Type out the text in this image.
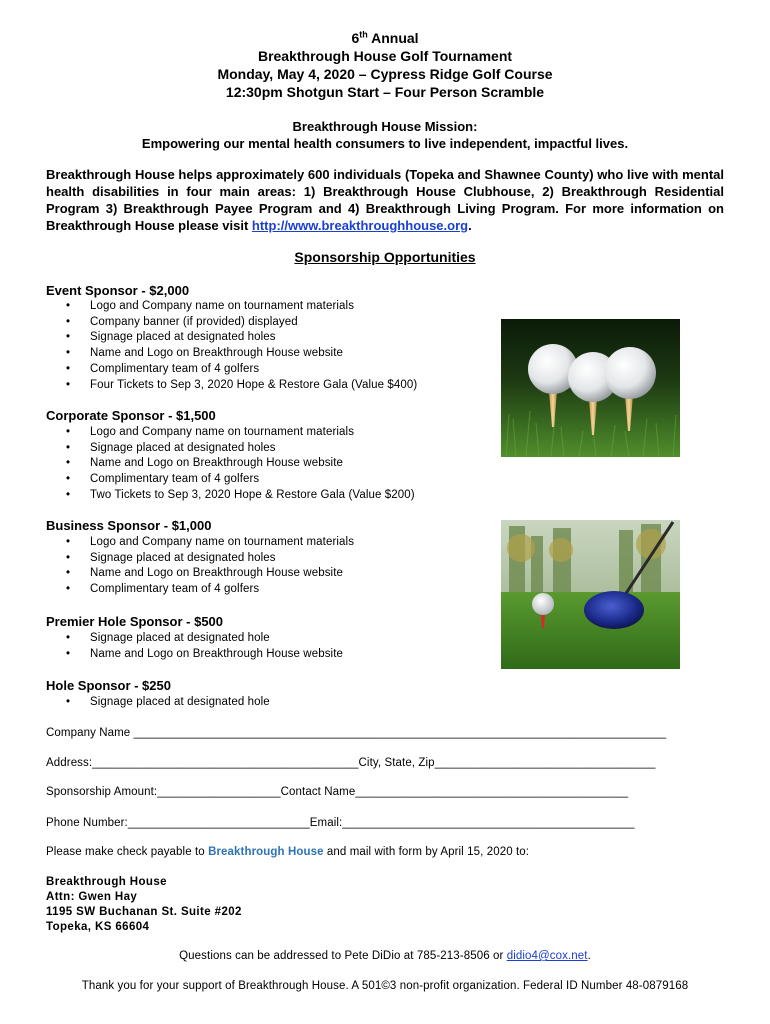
6th Annual
Breakthrough House Golf Tournament
Monday, May 4, 2020 – Cypress Ridge Golf Course
12:30pm Shotgun Start – Four Person Scramble
Breakthrough House Mission:
Empowering our mental health consumers to live independent, impactful lives.
Breakthrough House helps approximately 600 individuals (Topeka and Shawnee County) who live with mental health disabilities in four main areas: 1) Breakthrough House Clubhouse, 2) Breakthrough Residential Program 3) Breakthrough Payee Program and 4) Breakthrough Living Program. For more information on Breakthrough House please visit http://www.breakthroughhouse.org.
Sponsorship Opportunities
Event Sponsor - $2,000
• Logo and Company name on tournament materials
• Company banner (if provided) displayed
• Signage placed at designated holes
• Name and Logo on Breakthrough House website
• Complimentary team of 4 golfers
• Four Tickets to Sep 3, 2020 Hope & Restore Gala (Value $400)
Corporate Sponsor - $1,500
• Logo and Company name on tournament materials
• Signage placed at designated holes
• Name and Logo on Breakthrough House website
• Complimentary team of 4 golfers
• Two Tickets to Sep 3, 2020 Hope & Restore Gala (Value $200)
Business Sponsor - $1,000
• Logo and Company name on tournament materials
• Signage placed at designated holes
• Name and Logo on Breakthrough House website
• Complimentary team of 4 golfers
Premier Hole Sponsor - $500
• Signage placed at designated hole
• Name and Logo on Breakthrough House website
Hole Sponsor - $250
• Signage placed at designated hole
Company Name __________________________________________________________________________________
Address:_________________________________________City, State, Zip__________________________________
Sponsorship Amount:___________________Contact Name__________________________________________
Phone Number:____________________________Email:_____________________________________________
Please make check payable to Breakthrough House and mail with form by April 15, 2020 to:
Breakthrough House
Attn: Gwen Hay
1195 SW Buchanan St. Suite #202
Topeka, KS 66604
Questions can be addressed to Pete DiDio at 785-213-8506 or didio4@cox.net.
Thank you for your support of Breakthrough House. A 501©3 non-profit organization. Federal ID Number 48-0879168
